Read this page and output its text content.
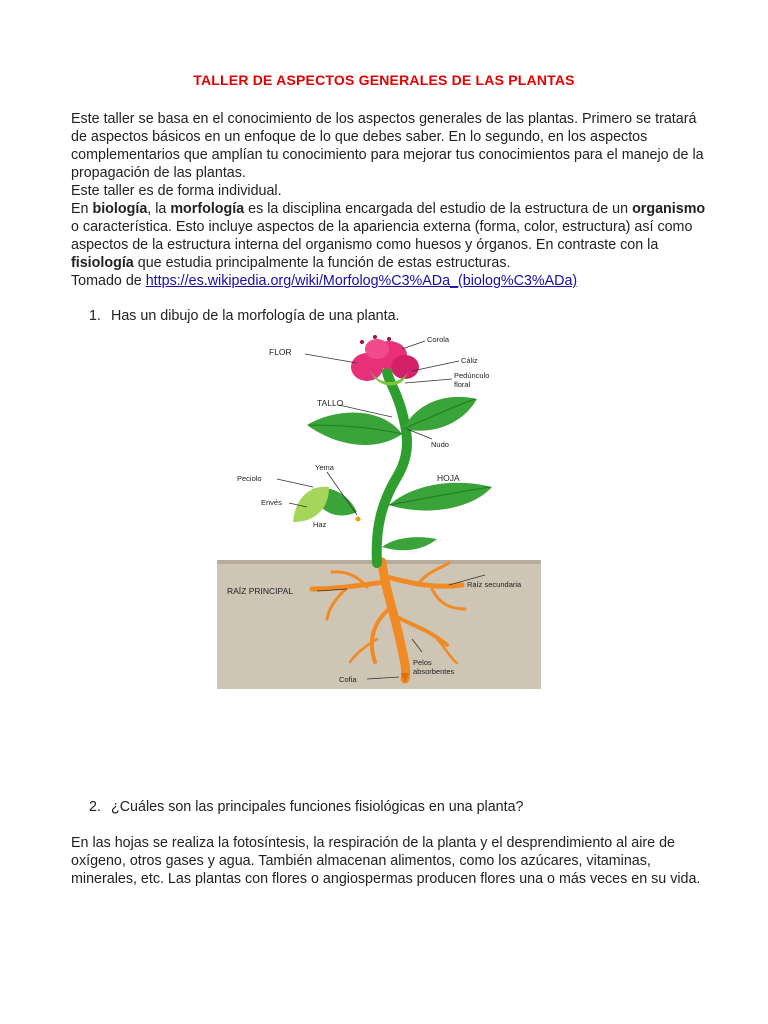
TALLER DE ASPECTOS GENERALES DE LAS PLANTAS

Este taller se basa en el conocimiento de los aspectos generales de las plantas. Primero se tratará de aspectos básicos en un enfoque de lo que debes saber. En lo segundo, en los aspectos complementarios que amplían tu conocimiento para mejorar tus conocimientos para el manejo de la propagación de las plantas.

Este taller es de forma individual.

En biología, la morfología es la disciplina encargada del estudio de la estructura de un organismo o característica. Esto incluye aspectos de la apariencia externa (forma, color, estructura) así como aspectos de la estructura interna del organismo como huesos y órganos. En contraste con la fisiología que estudia principalmente la función de estas estructuras.

Tomado de https://es.wikipedia.org/wiki/Morfolog%C3%ADa_(biolog%C3%ADa)

1. Has un dibujo de la morfología de una planta.
FLOR
Corola
Cáliz
Pedúnculo
floral
TALLO
Nudo
Yema
Peciolo	HOJA
Envés
Haz
RAÍZ PRINCIPAL
Raíz secundaria
Pelos
absorbentes
Cofia
2. ¿Cuáles son las principales funciones fisiológicas en una planta?
En las hojas se realiza la fotosíntesis, la respiración de la planta y el desprendimiento al aire de oxígeno, otros gases y agua. También almacenan alimentos, como los azúcares, vitaminas, minerales, etc. Las plantas con flores o angiospermas producen flores una o más veces en su vida.
